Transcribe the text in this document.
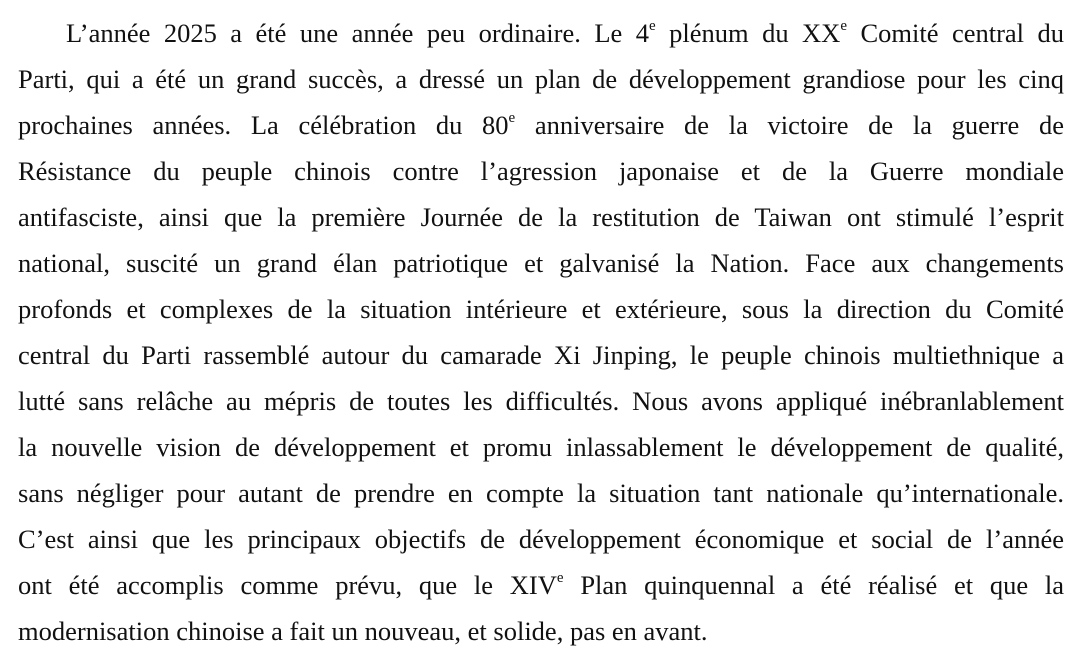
L’année 2025 a été une année peu ordinaire. Le 4e plénum du XXe Comité central du
Parti, qui a été un grand succès, a dressé un plan de développement grandiose pour les cinq
prochaines années. La célébration du 80e anniversaire de la victoire de la guerre de
Résistance du peuple chinois contre l’agression japonaise et de la Guerre mondiale
antifasciste, ainsi que la première Journée de la restitution de Taiwan ont stimulé l’esprit
national, suscité un grand élan patriotique et galvanisé la Nation. Face aux changements
profonds et complexes de la situation intérieure et extérieure, sous la direction du Comité
central du Parti rassemblé autour du camarade Xi Jinping, le peuple chinois multiethnique a
lutté sans relâche au mépris de toutes les difficultés. Nous avons appliqué inébranlablement
la nouvelle vision de développement et promu inlassablement le développement de qualité,
sans négliger pour autant de prendre en compte la situation tant nationale qu’internationale.
C’est ainsi que les principaux objectifs de développement économique et social de l’année
ont été accomplis comme prévu, que le XIVe Plan quinquennal a été réalisé et que la
modernisation chinoise a fait un nouveau, et solide, pas en avant.
